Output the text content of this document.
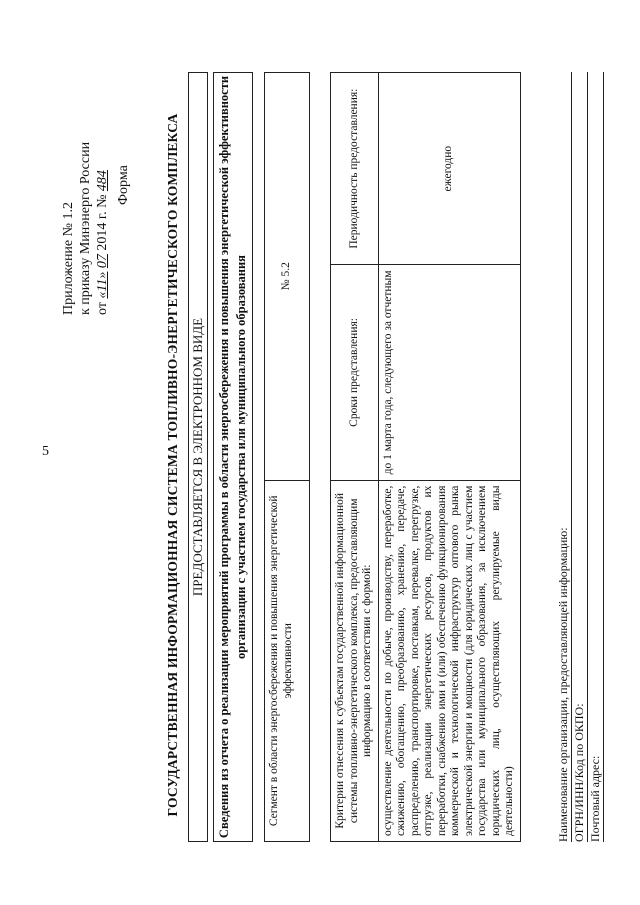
5
Приложение № 1.2 к приказу Минэнерго России от «11» 07 2014 г. № 484 Форма	ГОСУДАРСТВЕННАЯ ИНФОРМАЦИОННАЯ СИСТЕМА ТОПЛИВНО-ЭНЕРГЕТИЧЕСКОГО КОМПЛЕКСА ПРЕДОСТАВЛЯЕТСЯ В ЭЛЕКТРОННОМ ВИДЕ Сведения из отчета о реализации мероприятий программы в области энергосбережения и повышения энергетической эффективности организации с участием государства или муниципального образования
Сегмент в области энергосбережения и повышения энергетической эффективности	№ 5.2
Критерии отнесения к субъектам государственной информационной системы топливно-энергетического комплекса, предоставляющим информацию в соответствии с формой:	Сроки представления:	Периодичность предоставления:
осуществление деятельности по добыче, производству, переработке, сжижению, обогащению, преобразованию, хранению, передаче, распределению, транспортировке, поставкам, перевалке, перегрузке, отгрузке, реализации энергетических ресурсов, продуктов их переработки, снабжению ими и (или) обеспечению функционирования коммерческой и технологической инфраструктур оптового рынка электрической энергии и мощности (для юридических лиц с участием государства или муниципального образования, за исключением юридических лиц, осуществляющих регулируемые виды деятельности)	до 1 марта года, следующего за отчетным	ежегодно
Наименование организации, предоставляющей информацию: ОГРН/ИНН/Код по ОКПО: Почтовый адрес:
